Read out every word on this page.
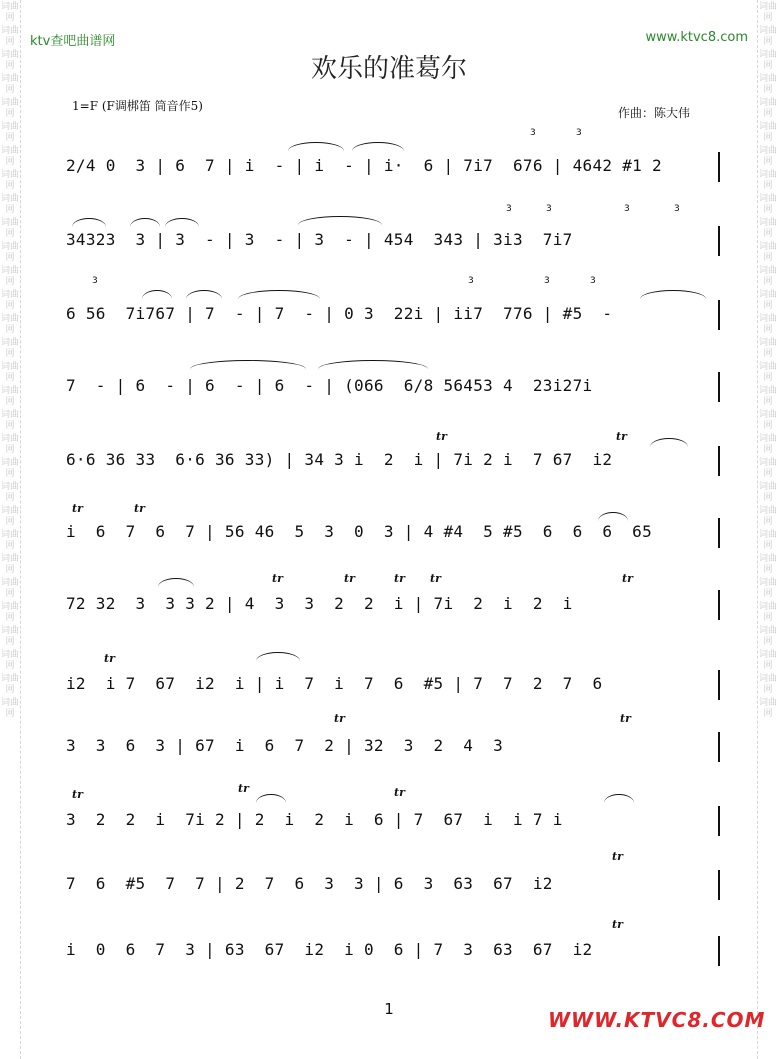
词曲网
词曲网
词曲网
词曲网
词曲网
词曲网
词曲网
词曲网
词曲网
词曲网
词曲网
词曲网
词曲网
词曲网
词曲网
词曲网
词曲网
词曲网
词曲网
词曲网
词曲网
词曲网
词曲网
词曲网
词曲网
词曲网
词曲网
词曲网
词曲网
词曲网
词曲网
词曲网
词曲网
词曲网
词曲网
词曲网
词曲网
词曲网
词曲网
词曲网
词曲网
词曲网
词曲网
词曲网
词曲网
词曲网
词曲网
词曲网
词曲网
词曲网
词曲网
词曲网
词曲网
词曲网
词曲网
词曲网
词曲网
词曲网
词曲网
词曲网
ktv查吧曲谱网	www.ktvc8.com
欢乐的准葛尔
1=F (F调梆笛 筒音作5)	作曲：陈大伟
2/4 0  3 | 6  7 | i  - | i  - | i·  6 | 7i7  676 | 4642 #1 2
3	3
34323  3 | 3  - | 3  - | 3  - | 454  343 | 3i3  7i7
3	3	3	3
6 56  7i767 | 7  - | 7  - | 0 3  22i | ii7  776 | #5  -
3	3	3
3
7  - | 6  - | 6  - | 6  - | (066  6/8 56453 4  23i27i
6·6 36 33  6·6 36 33) | 34 3 i  2  i | 7i 2 i  7 67  i2
tr	tr
i  6  7  6  7 | 56 46  5  3  0  3 | 4 #4  5 #5  6  6  6  65
tr	tr
72 32  3  3 3 2 | 4  3  3  2  2  i | 7i  2  i  2  i
tr	tr	tr tr	tr
i2  i 7  67  i2  i | i  7  i  7  6  #5 | 7  7  2  7  6
tr
3  3  6  3 | 67  i  6  7  2 | 32  3  2  4  3
tr	tr
3  2  2  i  7i 2 | 2  i  2  i  6 | 7  67  i  i 7 i
tr	tr	tr
7  6  #5  7  7 | 2  7  6  3  3 | 6  3  63  67  i2
tr
i  0  6  7  3 | 63  67  i2  i 0  6 | 7  3  63  67  i2
tr
1	WWW.KTVC8.COM
